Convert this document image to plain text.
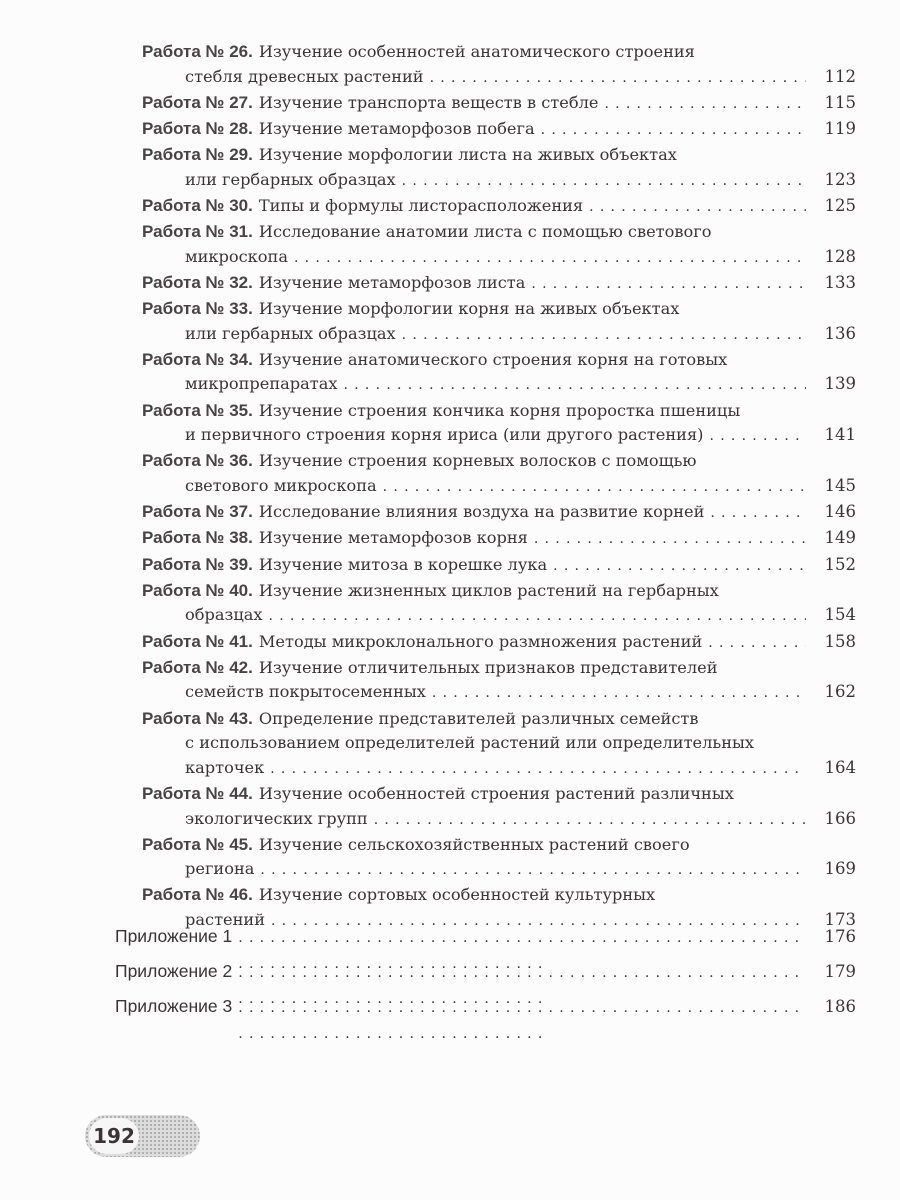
Работа № 26. Изучение особенностей анатомического строения
стебля древесных растений . . .	112
Работа № 27. Изучение транспорта веществ в стебле . . .	115
Работа № 28. Изучение метаморфозов побега . . .	119
Работа № 29. Изучение морфологии листа на живых объектах
или гербарных образцах . . .	123
Работа № 30. Типы и формулы листорасположения . . .	125
Работа № 31. Исследование анатомии листа с помощью светового
микроскопа . . .	128
Работа № 32. Изучение метаморфозов листа . . .	133
Работа № 33. Изучение морфологии корня на живых объектах
или гербарных образцах . . .	136
Работа № 34. Изучение анатомического строения корня на готовых
микропрепаратах . . .	139
Работа № 35. Изучение строения кончика корня проростка пшеницы
и первичного строения корня ириса (или другого растения) . . .	141
Работа № 36. Изучение строения корневых волосков с помощью
светового микроскопа . . .	145
Работа № 37. Исследование влияния воздуха на развитие корней . . .	146
Работа № 38. Изучение метаморфозов корня . . .	149
Работа № 39. Изучение митоза в корешке лука . . .	152
Работа № 40. Изучение жизненных циклов растений на гербарных
образцах . . .	154
Работа № 41. Методы микроклонального размножения растений . . .	158
Работа № 42. Изучение отличительных признаков представителей
семейств покрытосеменных . . .	162
Работа № 43. Определение представителей различных семейств
с использованием определителей растений или определительных
карточек . . .	164
Работа № 44. Изучение особенностей строения растений различных
экологических групп . . .	166
Работа № 45. Изучение сельскохозяйственных растений своего
региона . . .	169
Работа № 46. Изучение сортовых особенностей культурных
растений . . .	173
Приложение 1 . . .	176
Приложение 2 . . .	179
Приложение 3 . . .	186
192
